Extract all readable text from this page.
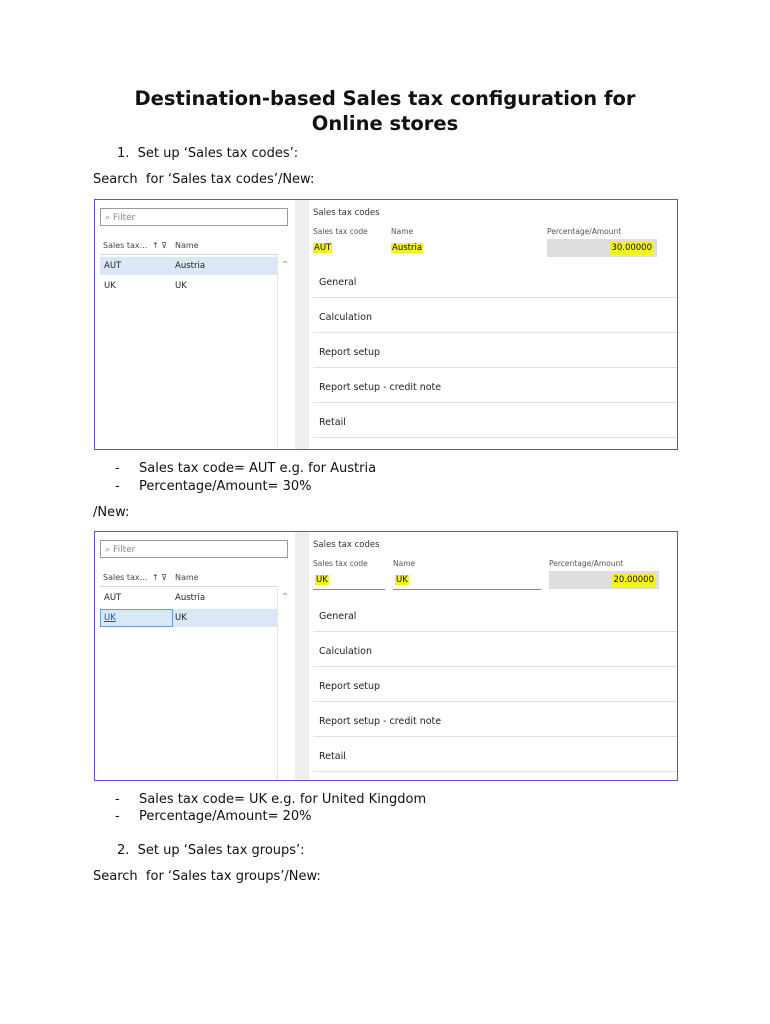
Destination-based Sales tax configuration for
Online stores
1.  Set up ‘Sales tax codes’:
Search  for ‘Sales tax codes’/New:
⌕ Filter
Sales tax... ↑ ⊽ Name
AUT	Austria
UK	UK
⌃
Sales tax codes
Sales tax code	Name	Percentage/Amount
AUT	Austria	30.00000
General
Calculation
Report setup
Report setup - credit note
Retail
- Sales tax code= AUT e.g. for Austria
- Percentage/Amount= 30%
/New:
⌕ Filter
Sales tax... ↑ ⊽ Name
AUT	Austria
UK	UK
⌃
Sales tax codes
Sales tax code	Name	Percentage/Amount
UK	UK	20.00000
General
Calculation
Report setup
Report setup - credit note
Retail
- Sales tax code= UK e.g. for United Kingdom
- Percentage/Amount= 20%
2.  Set up ‘Sales tax groups’:
Search  for ‘Sales tax groups’/New:
